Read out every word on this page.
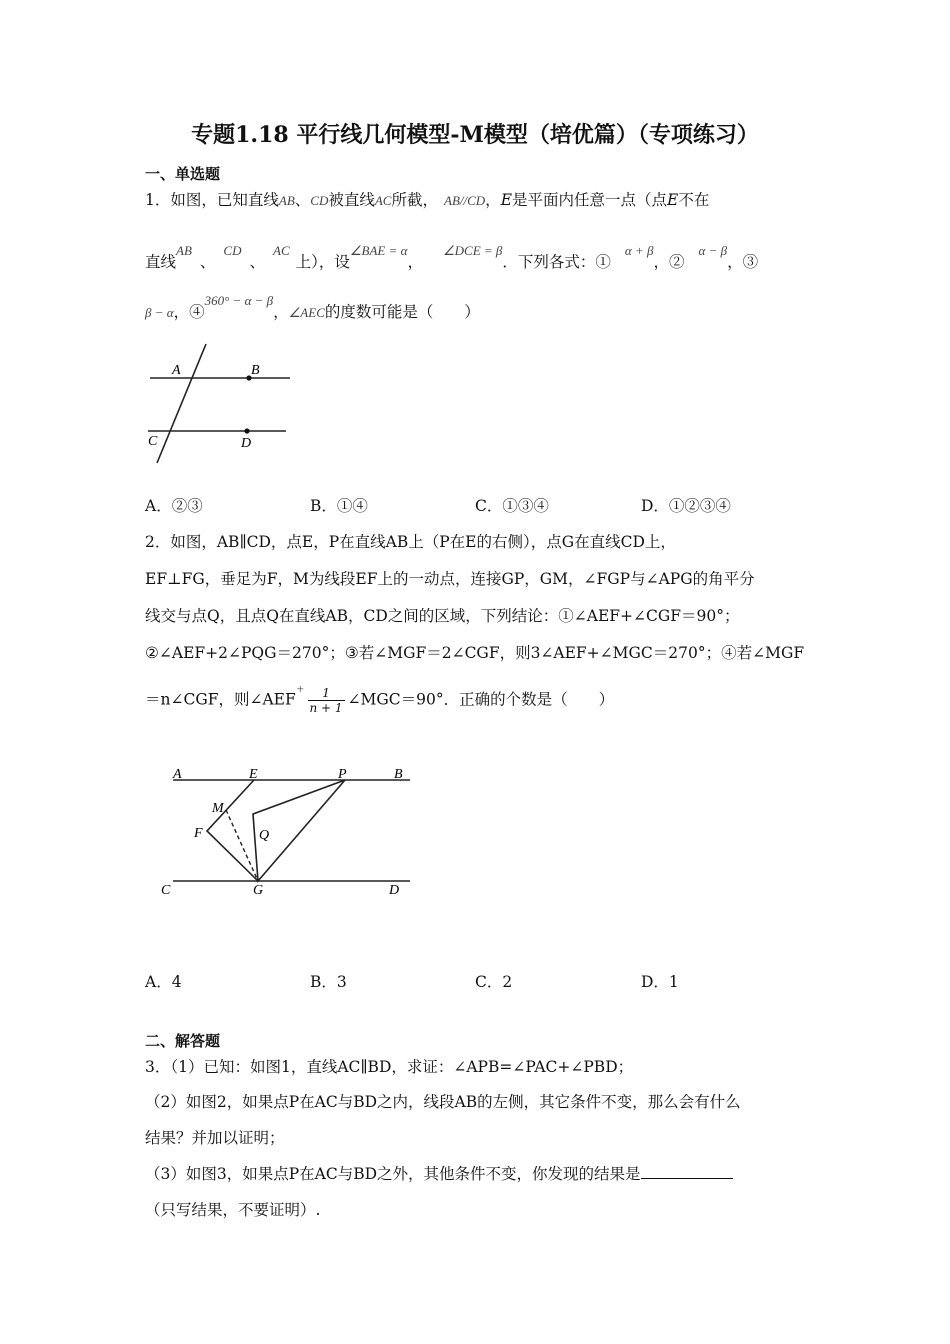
专题1.18 平行线几何模型-M模型（培优篇）（专项练习）
一、单选题
1．如图，已知直线AB、CD被直线AC所截， AB//CD，E是平面内任意一点（点E不在
直线$^{AB}$、$^{CD}$、$^{AC}$上），设$^{\angle BAE = \alpha}$，$^{\angle DCE = \beta}$．下列各式：①$^{\alpha + \beta}$，②$^{\alpha - \beta}$，③
β − α，④$^{360^\circ - \alpha - \beta}$，∠AEC的度数可能是（　　）
A	B
C	D
A．②③	B．①④	C．①③④	D．①②③④
2．如图，AB∥CD，点E，P在直线AB上（P在E的右侧），点G在直线CD上，
EF⊥FG，垂足为F，M为线段EF上的一动点，连接GP，GM，∠FGP与∠APG的角平分
线交与点Q，且点Q在直线AB，CD之间的区域，下列结论：①∠AEF+∠CGF＝90°；
②∠AEF+2∠PQG＝270°；③若∠MGF＝2∠CGF，则3∠AEF+∠MGC＝270°；④若∠MGF
＝n∠CGF，则∠AEF+ $\frac{1}{n + 1}$ ∠MGC＝90°．正确的个数是（　　）
A	E	P	B
M
F	Q
C	G	D
A．4	B．3	C．2	D．1
二、解答题
3．（1）已知：如图1，直线AC∥BD，求证：∠APB=∠PAC+∠PBD；
（2）如图2，如果点P在AC与BD之内，线段AB的左侧，其它条件不变，那么会有什么
结果？并加以证明；
（3）如图3，如果点P在AC与BD之外，其他条件不变，你发现的结果是
（只写结果，不要证明）.
